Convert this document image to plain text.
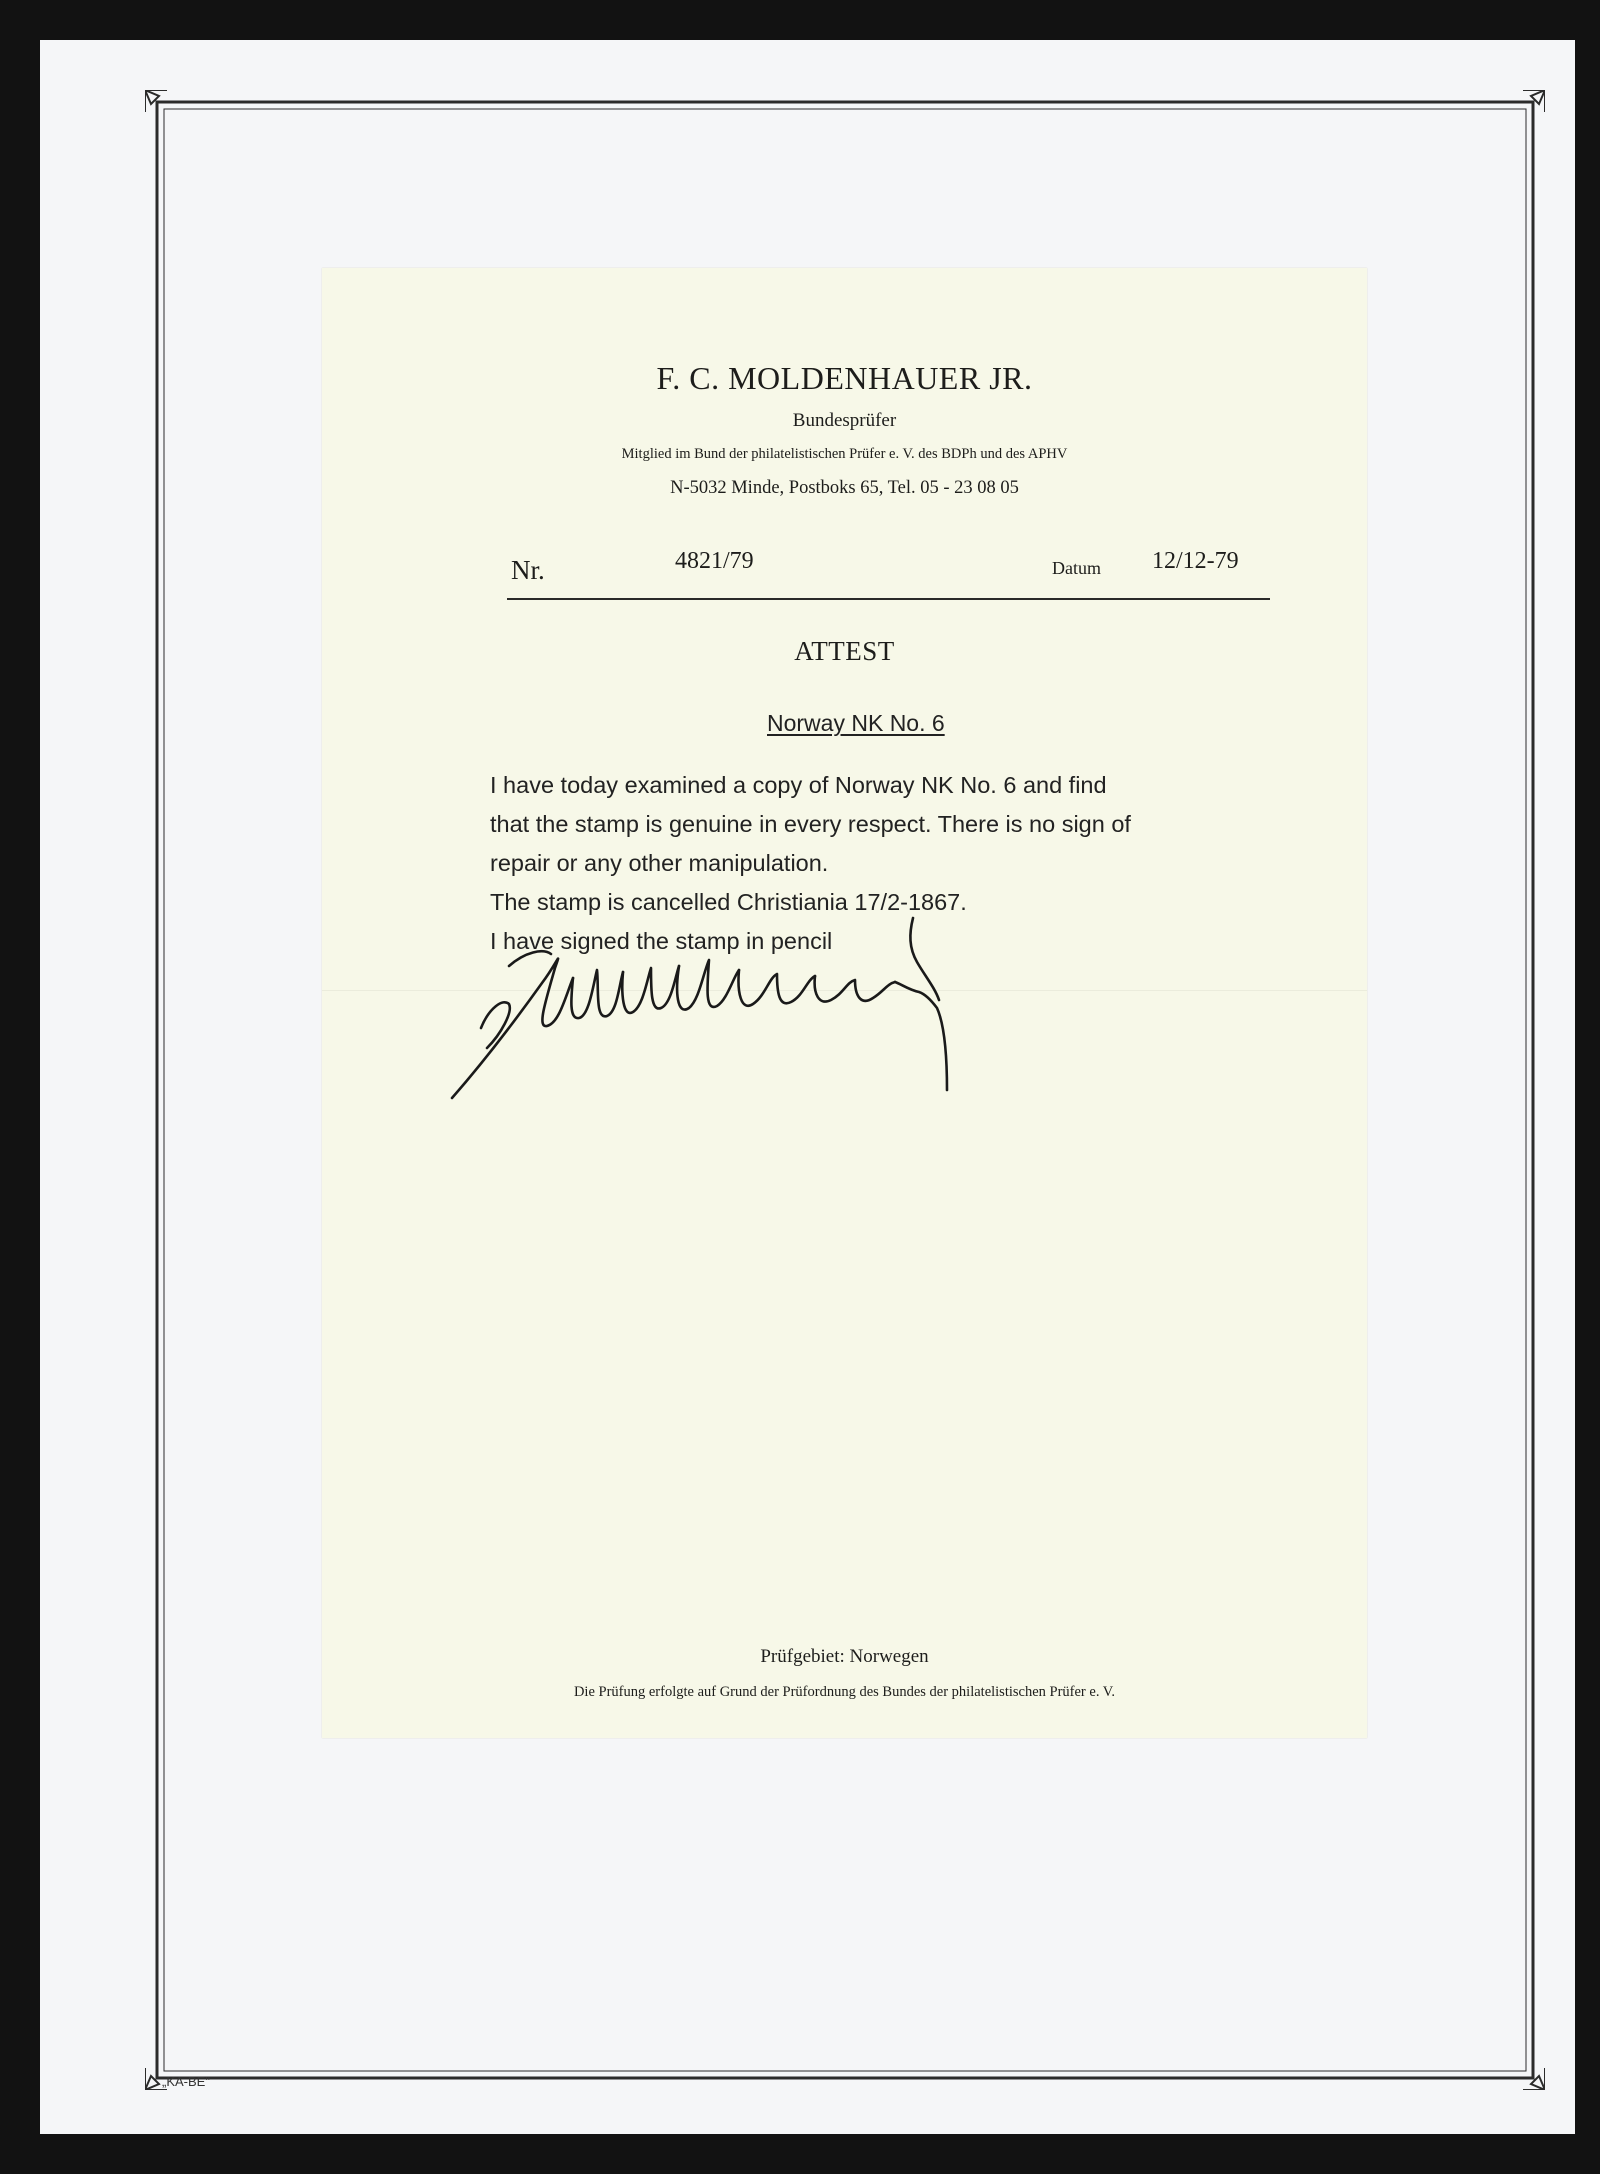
F. C. MOLDENHAUER JR.
Bundesprüfer
Mitglied im Bund der philatelistischen Prüfer e. V. des BDPh und des APHV
N-5032 Minde, Postboks 65, Tel. 05 - 23 08 05
Nr.	4821/79	Datum 12/12-79
ATTEST
Norway NK No. 6
I have today examined a copy of Norway NK No. 6 and find
that the stamp is genuine in every respect. There is no sign of
repair or any other manipulation.
The stamp is cancelled Christiania 17/2-1867.
I have signed the stamp in pencil
Prüfgebiet: Norwegen
Die Prüfung erfolgte auf Grund der Prüfordnung des Bundes der philatelistischen Prüfer e. V.
„KA-BE"
